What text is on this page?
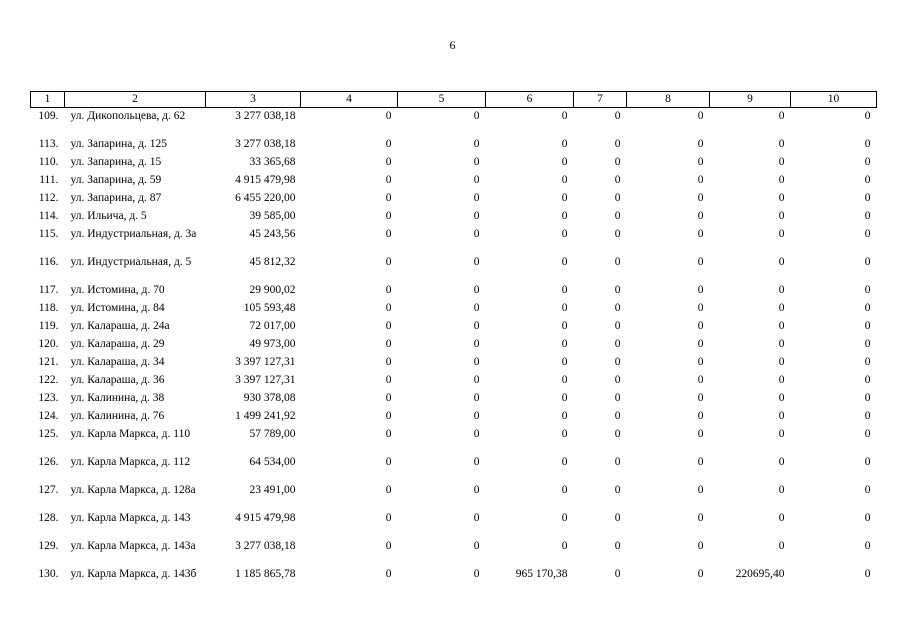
6
1	2	3	4	5	6	7	8	9	10
109.	ул. Дикопольцева, д. 62	3 277 038,18	0	0	0	0	0	0	0
113.	ул. Запарина, д. 125	3 277 038,18	0	0	0	0	0	0	0
110.	ул. Запарина, д. 15	33 365,68	0	0	0	0	0	0	0
111.	ул. Запарина, д. 59	4 915 479,98	0	0	0	0	0	0	0
112.	ул. Запарина, д. 87	6 455 220,00	0	0	0	0	0	0	0
114.	ул. Ильича, д. 5	39 585,00	0	0	0	0	0	0	0
115.	ул. Индустриальная, д. 3а	45 243,56	0	0	0	0	0	0	0
116.	ул. Индустриальная, д. 5	45 812,32	0	0	0	0	0	0	0
117.	ул. Истомина, д. 70	29 900,02	0	0	0	0	0	0	0
118.	ул. Истомина, д. 84	105 593,48	0	0	0	0	0	0	0
119.	ул. Калараша, д. 24а	72 017,00	0	0	0	0	0	0	0
120.	ул. Калараша, д. 29	49 973,00	0	0	0	0	0	0	0
121.	ул. Калараша, д. 34	3 397 127,31	0	0	0	0	0	0	0
122.	ул. Калараша, д. 36	3 397 127,31	0	0	0	0	0	0	0
123.	ул. Калинина, д. 38	930 378,08	0	0	0	0	0	0	0
124.	ул. Калинина, д. 76	1 499 241,92	0	0	0	0	0	0	0
125.	ул. Карла Маркса, д. 110	57 789,00	0	0	0	0	0	0	0
126.	ул. Карла Маркса, д. 112	64 534,00	0	0	0	0	0	0	0
127.	ул. Карла Маркса, д. 128а	23 491,00	0	0	0	0	0	0	0
128.	ул. Карла Маркса, д. 143	4 915 479,98	0	0	0	0	0	0	0
129.	ул. Карла Маркса, д. 143а	3 277 038,18	0	0	0	0	0	0	0
130.	ул. Карла Маркса, д. 143б	1 185 865,78	0	0	965 170,38	0	0	220695,40	0
